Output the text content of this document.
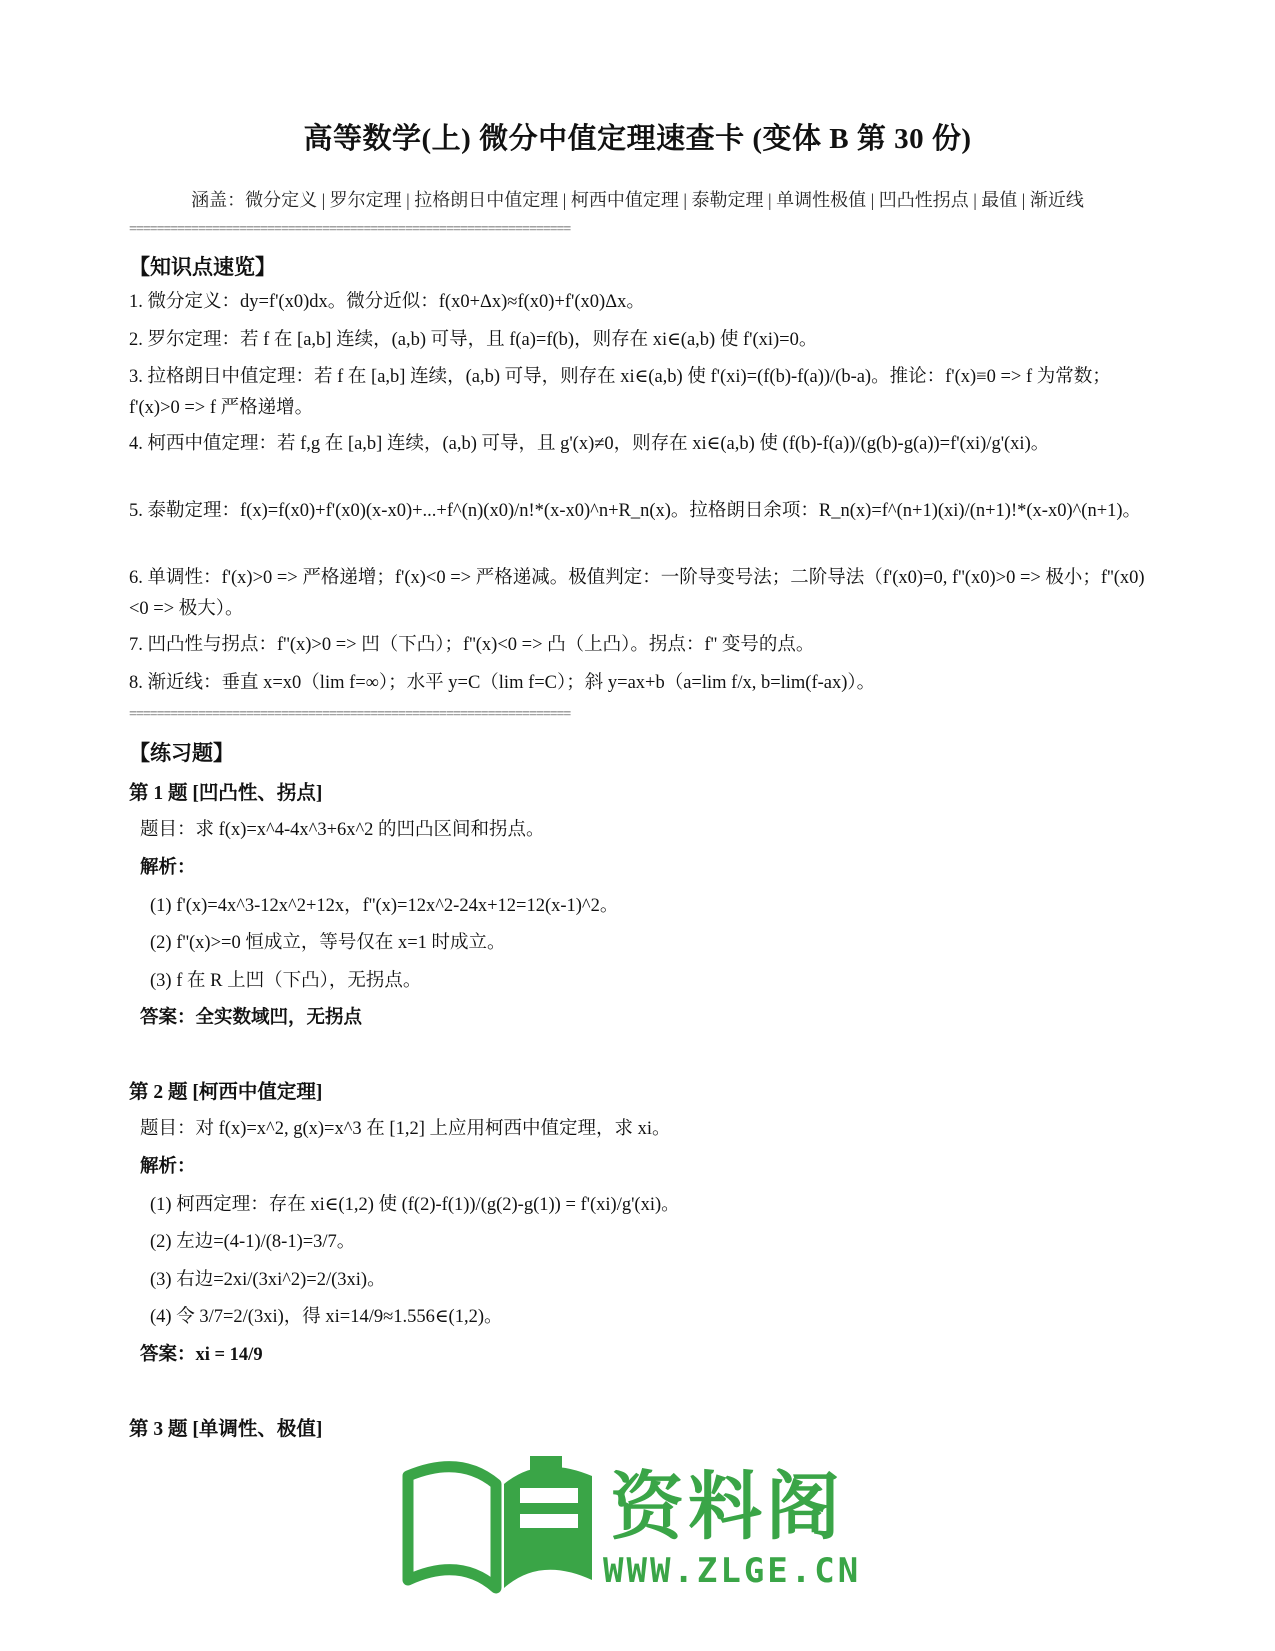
高等数学(上) 微分中值定理速查卡 (变体 B 第 30 份)
涵盖：微分定义 | 罗尔定理 | 拉格朗日中值定理 | 柯西中值定理 | 泰勒定理 | 单调性极值 | 凹凸性拐点 | 最值 | 渐近线
================================================================
【知识点速览】
1. 微分定义：dy=f'(x0)dx。微分近似：f(x0+Δx)≈f(x0)+f'(x0)Δx。
2. 罗尔定理：若 f 在 [a,b] 连续，(a,b) 可导，且 f(a)=f(b)，则存在 xi∈(a,b) 使 f'(xi)=0。
3. 拉格朗日中值定理：若 f 在 [a,b] 连续，(a,b) 可导，则存在 xi∈(a,b) 使 f'(xi)=(f(b)-f(a))/(b-a)。推论：f'(x)≡0 => f 为常数；f'(x)>0 => f 严格递增。
4. 柯西中值定理：若 f,g 在 [a,b] 连续，(a,b) 可导，且 g'(x)≠0，则存在 xi∈(a,b) 使 (f(b)-f(a))/(g(b)-g(a))=f'(xi)/g'(xi)。
5. 泰勒定理：f(x)=f(x0)+f'(x0)(x-x0)+...+f^(n)(x0)/n!*(x-x0)^n+R_n(x)。拉格朗日余项：R_n(x)=f^(n+1)(xi)/(n+1)!*(x-x0)^(n+1)。
6. 单调性：f'(x)>0 => 严格递增；f'(x)<0 => 严格递减。极值判定：一阶导变号法；二阶导法（f'(x0)=0, f''(x0)>0 => 极小；f''(x0)<0 => 极大）。
7. 凹凸性与拐点：f''(x)>0 => 凹（下凸）；f''(x)<0 => 凸（上凸）。拐点：f'' 变号的点。
8. 渐近线：垂直 x=x0（lim f=∞）；水平 y=C（lim f=C）；斜 y=ax+b（a=lim f/x, b=lim(f-ax)）。
================================================================
【练习题】
第 1 题 [凹凸性、拐点]
题目：求 f(x)=x^4-4x^3+6x^2 的凹凸区间和拐点。
解析：
(1) f'(x)=4x^3-12x^2+12x，f''(x)=12x^2-24x+12=12(x-1)^2。
(2) f''(x)>=0 恒成立，等号仅在 x=1 时成立。
(3) f 在 R 上凹（下凸），无拐点。
答案：全实数域凹，无拐点
第 2 题 [柯西中值定理]
题目：对 f(x)=x^2, g(x)=x^3 在 [1,2] 上应用柯西中值定理，求 xi。
解析：
(1) 柯西定理：存在 xi∈(1,2) 使 (f(2)-f(1))/(g(2)-g(1)) = f'(xi)/g'(xi)。
(2) 左边=(4-1)/(8-1)=3/7。
(3) 右边=2xi/(3xi^2)=2/(3xi)。
(4) 令 3/7=2/(3xi)，得 xi=14/9≈1.556∈(1,2)。
答案：xi = 14/9
第 3 题 [单调性、极值]
资料阁
WWW.ZLGE.CN
